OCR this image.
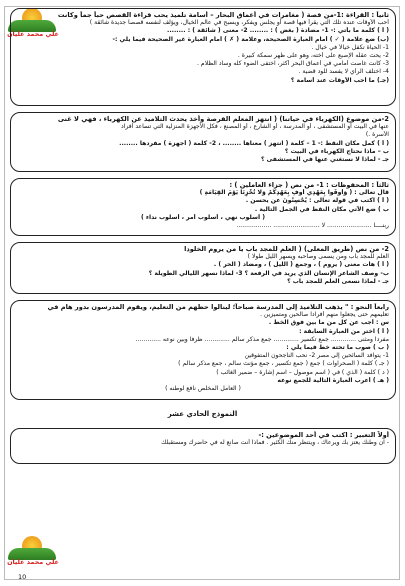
علي محمد عليان
ثانياً : القراءة :1-من قصة ( مغامرات في أعماق البحار – أسامة تلميذ يحب قراءة القصص حباً جماً وكانت
أحب الأوقات عنده تلك التي يقرأ فيها قصة أو يجلس ويفكر، ويسبح في عالم الخيال، ويؤلف لنفسه قصصاً جديدة شائقة )
( أ ) كلمة ما بأتي :- 1- مضادة ( بغض ) : ........ 2- معنى ( شائقة ) : ........
(ب) ضع علامة ( ✓ ) أمام العبارة الصحيحة، وعلامة ( ✗ ) أمام العبارة غير الصحيحة فيما يلي :-
1- الحياة تكفل خيالاً في خيال .
2- يحث عقله الإصبع على أخته، وهو على ظهر سمكة كبيرة .
3- كانت غاصت أمامي في أعماق البحر أكثر، اختفى الضوء كله وساد الظلام .
4- اختلف الرأي لا يفسد للود قضية .
(جـ) ما أحب الأوقات عند أسامة ؟
2-من موضوع (الكهرباء في حياتنا) ( انتهز المعلم الفرصة وأخذ يحدث التلاميذ عن الكهرباء ، فهي لا غنى
عنها في البيت أو المستشفى ، أو المدرسة ، أو الشارع ، أو المصنع ، فكل الأجهزة المنزلية التي تساعد أفراد
الأسرة .)
( أ ) كمل مكان النقط :- 1 – كلمة ( انتهز ) معناها ........ ، 2- كلمة ( أجهزة ) مفردها ........
ب – ماذا نحتاج الكهرباء في البيت ؟
جـ - لماذا لا نستغني عنها في المستشفى ؟
ثالثاً : المحفوظات : 1- من نص ( جزاء العاملين ) :
قال تعالى : ( وَأُوفُوا بِعَهْدِي أُوفِ بِعَهْدِكُمْ وَلَا تُخْزِنَا يَوْمَ الْقِيَامَةِ )
( أ ) اكتب في قوله تعالى : يُحْسِنُونَ عن يحسن .
ب ) ضع الآتي مكان النقط في الجمل التالية .
( أسلوب نهي ، أسلوب أمر ، أسلوب نداء )
ربنــــا ....................... لا ........................ ..................
2- من نص (طريق المعلى) ( العلم للمجد باب يا من يروم الخلودا
العلم للمجد باب ومن يسمى وصاحبه ويسهر الليل طولا )
( أ ) هات معنى ( يروم ) ، وجمع ( الليل ) ، ومضاد ( الحر ) .
ب- وصف الشاعر الإنسان الذي يريد في الرفعة ؟ 3- لماذا نسهر الليالي الطويلة ؟
جـ - لماذا نسعى العلم للمجد باب ؟
رابعاً النحو : " يذهب التلاميذ إلى المدرسة صباحاً؛ لينالوا حظهم من التعليم، ويقوم المدرسون بدور هام في
تعليمهم حتى يجعلوا منهم أفراداً صالحين ومتميزين .
س : أجب عن كل من ما بين فوق الخط .
( أ ) اختر من العبارة السابقة :
مفرداً ومثنى ............. جمع تكسير ............. جمع مذكر سالم ............. ظرفاً وبين نوعه .............
( ب ) صوب ما تحته خط فيما يلي :
1- يتوافد السائحين إلى مصر 2- نحب الناجحون المتفوقين
( جـ ) كلمة ( الصحراوات ) جمع ( جمع تكسير ، جمع مؤنث سالم ، جمع مذكر سالم )
( د ) كلمة ( الذي ) في ( اسم موصول – اسم إشارة – ضمير الغائب )
( هـ ) أعرب العبارة التالية للجمع نوعه
( العامل المخلص نافع لوطنه )
النموذج الحادي عشر
أولاً التعبير : اكتب في أحد الموضوعين :-
- ان وطنك يعتز بك ويرعاك ، وينتظر منك الكثير . فماذا أنت صانع له في حاضرك ومستقبلك
علي محمد عليان
10
